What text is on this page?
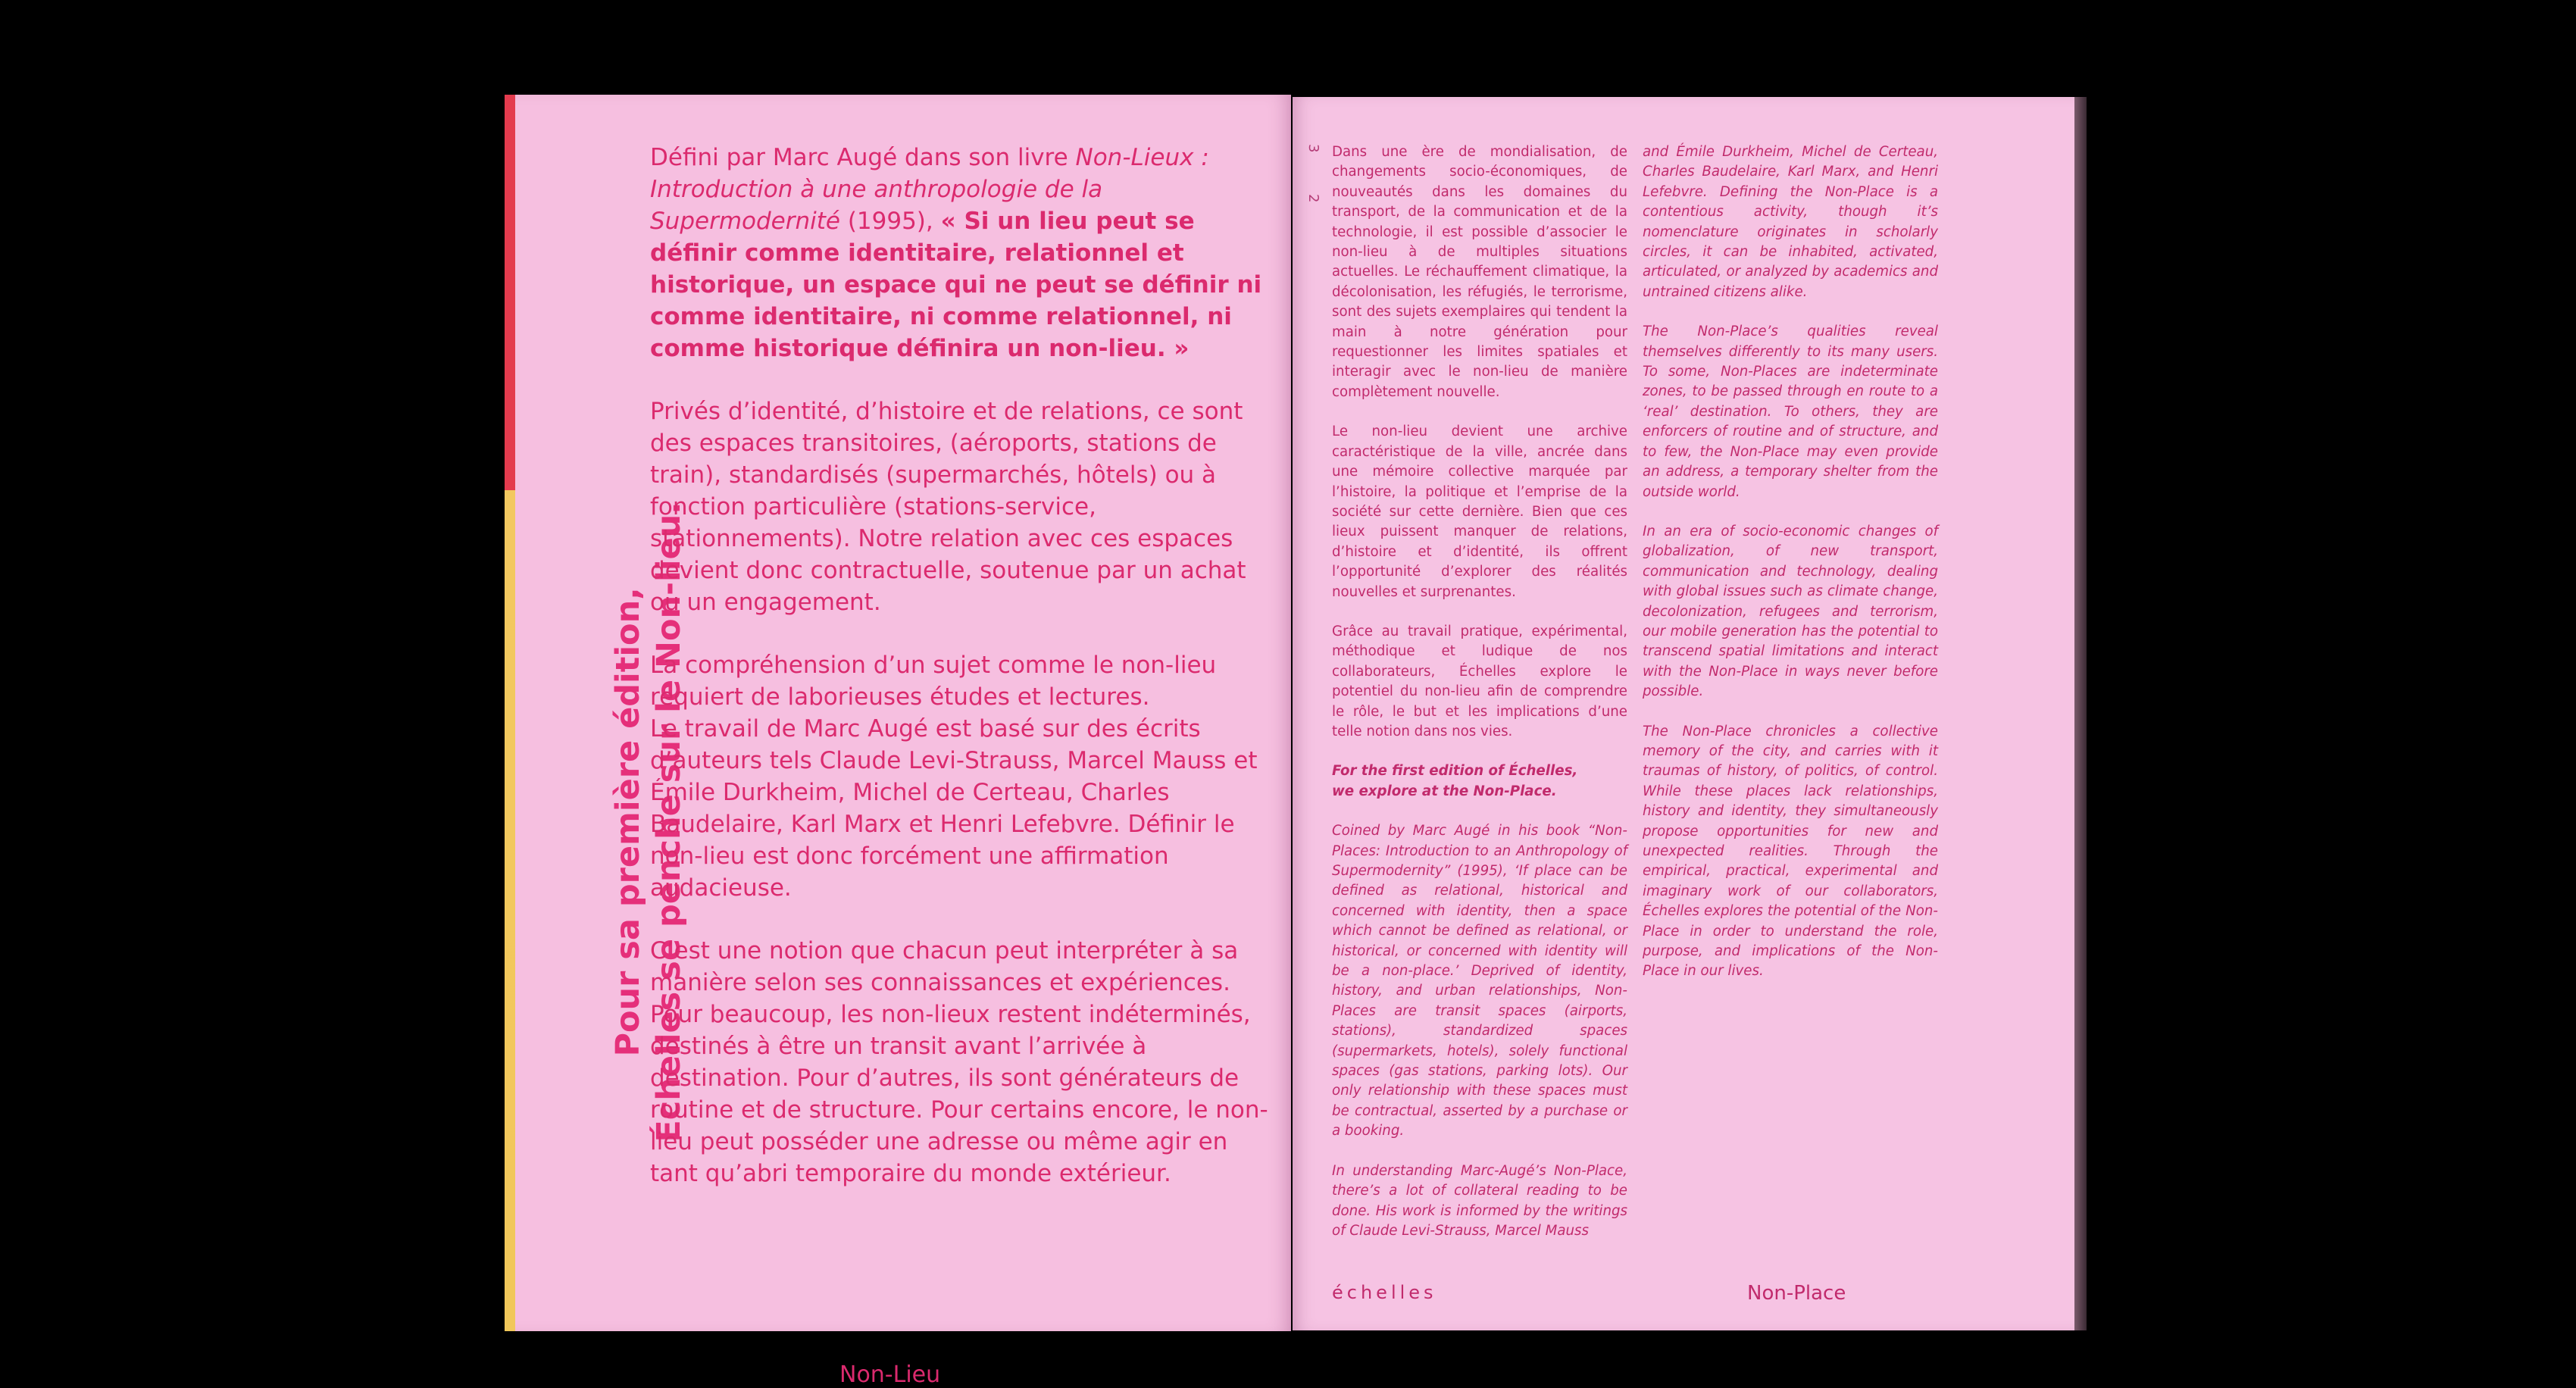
Pour sa première édition, Échelles se penche sur le Non-lieu.

Défini par Marc Augé dans son livre Non-Lieux : Introduction à une anthropologie de la Supermodernité (1995), « Si un lieu peut se définir comme identitaire, relationnel et historique, un espace qui ne peut se définir ni comme identitaire, ni comme relationnel, ni comme historique définira un non-lieu. »

Privés d’identité, d’histoire et de relations, ce sont des espaces transitoires, (aéroports, stations de train), standardisés (supermarchés, hôtels) ou à fonction particulière (stations-service, stationnements). Notre relation avec ces espaces devient donc contractuelle, soutenue par un achat ou un engagement.

La compréhension d’un sujet comme le non-lieu requiert de laborieuses études et lectures.
Le travail de Marc Augé est basé sur des écrits d’auteurs tels Claude Levi-Strauss, Marcel Mauss et Émile Durkheim, Michel de Certeau, Charles Baudelaire, Karl Marx et Henri Lefebvre. Définir le non-lieu est donc forcément une affirmation audacieuse.

C’est une notion que chacun peut interpréter à sa manière selon ses connaissances et expériences. Pour beaucoup, les non-lieux restent indéterminés, destinés à être un transit avant l’arrivée à destination. Pour d’autres, ils sont générateurs de routine et de structure. Pour certains encore, le non-lieu peut posséder une adresse ou même agir en tant qu’abri temporaire du monde extérieur.

Non-Lieu
3
2

Dans une ère de mondialisation, de changements socio-économiques, de nouveautés dans les domaines du transport, de la communication et de la technologie, il est possible d’associer le non-lieu à de multiples situations actuelles. Le réchauffement climatique, la décolonisation, les réfugiés, le terrorisme, sont des sujets exemplaires qui tendent la main à notre génération pour requestionner les limites spatiales et interagir avec le non-lieu de manière complètement nouvelle.

Le non-lieu devient une archive caractéristique de la ville, ancrée dans une mémoire collective marquée par l’histoire, la politique et l’emprise de la société sur cette dernière. Bien que ces lieux puissent manquer de relations, d’histoire et d’identité, ils offrent l’opportunité d’explorer des réalités nouvelles et surprenantes.

Grâce au travail pratique, expérimental, méthodique et ludique de nos collaborateurs, Échelles explore le potentiel du non-lieu afin de comprendre le rôle, le but et les implications d’une telle notion dans nos vies.

For the first edition of Échelles,
we explore at the Non-Place.

Coined by Marc Augé in his book “Non-Places: Introduction to an Anthropology of Supermodernity” (1995), ‘If place can be defined as relational, historical and concerned with identity, then a space which cannot be defined as relational, or historical, or concerned with identity will be a non-place.’ Deprived of identity, history, and urban relationships, Non-Places are transit spaces (airports, stations), standardized spaces (supermarkets, hotels), solely functional spaces (gas stations, parking lots). Our only relationship with these spaces must be contractual, asserted by a purchase or a booking.

In understanding Marc-Augé’s Non-Place, there’s a lot of collateral reading to be done. His work is informed by the writings of Claude Levi-Strauss, Marcel Mauss

and Émile Durkheim, Michel de Certeau, Charles Baudelaire, Karl Marx, and Henri Lefebvre. Defining the Non-Place is a contentious activity, though it’s nomenclature originates in scholarly circles, it can be inhabited, activated, articulated, or analyzed by academics and untrained citizens alike.

The Non-Place’s qualities reveal themselves differently to its many users. To some, Non-Places are indeterminate zones, to be passed through en route to a ‘real’ destination. To others, they are enforcers of routine and of structure, and to few, the Non-Place may even provide an address, a temporary shelter from the outside world.

In an era of socio-economic changes of globalization, of new transport, communication and technology, dealing with global issues such as climate change, decolonization, refugees and terrorism, our mobile generation has the potential to transcend spatial limitations and interact with the Non-Place in ways never before possible.

The Non-Place chronicles a collective memory of the city, and carries with it traumas of history, of politics, of control. While these places lack relationships, history and identity, they simultaneously propose opportunities for new and unexpected realities. Through the empirical, practical, experimental and imaginary work of our collaborators, Échelles explores the potential of the Non-Place in order to understand the role, purpose, and implications of the Non-Place in our lives.

échelles	Non-Place
